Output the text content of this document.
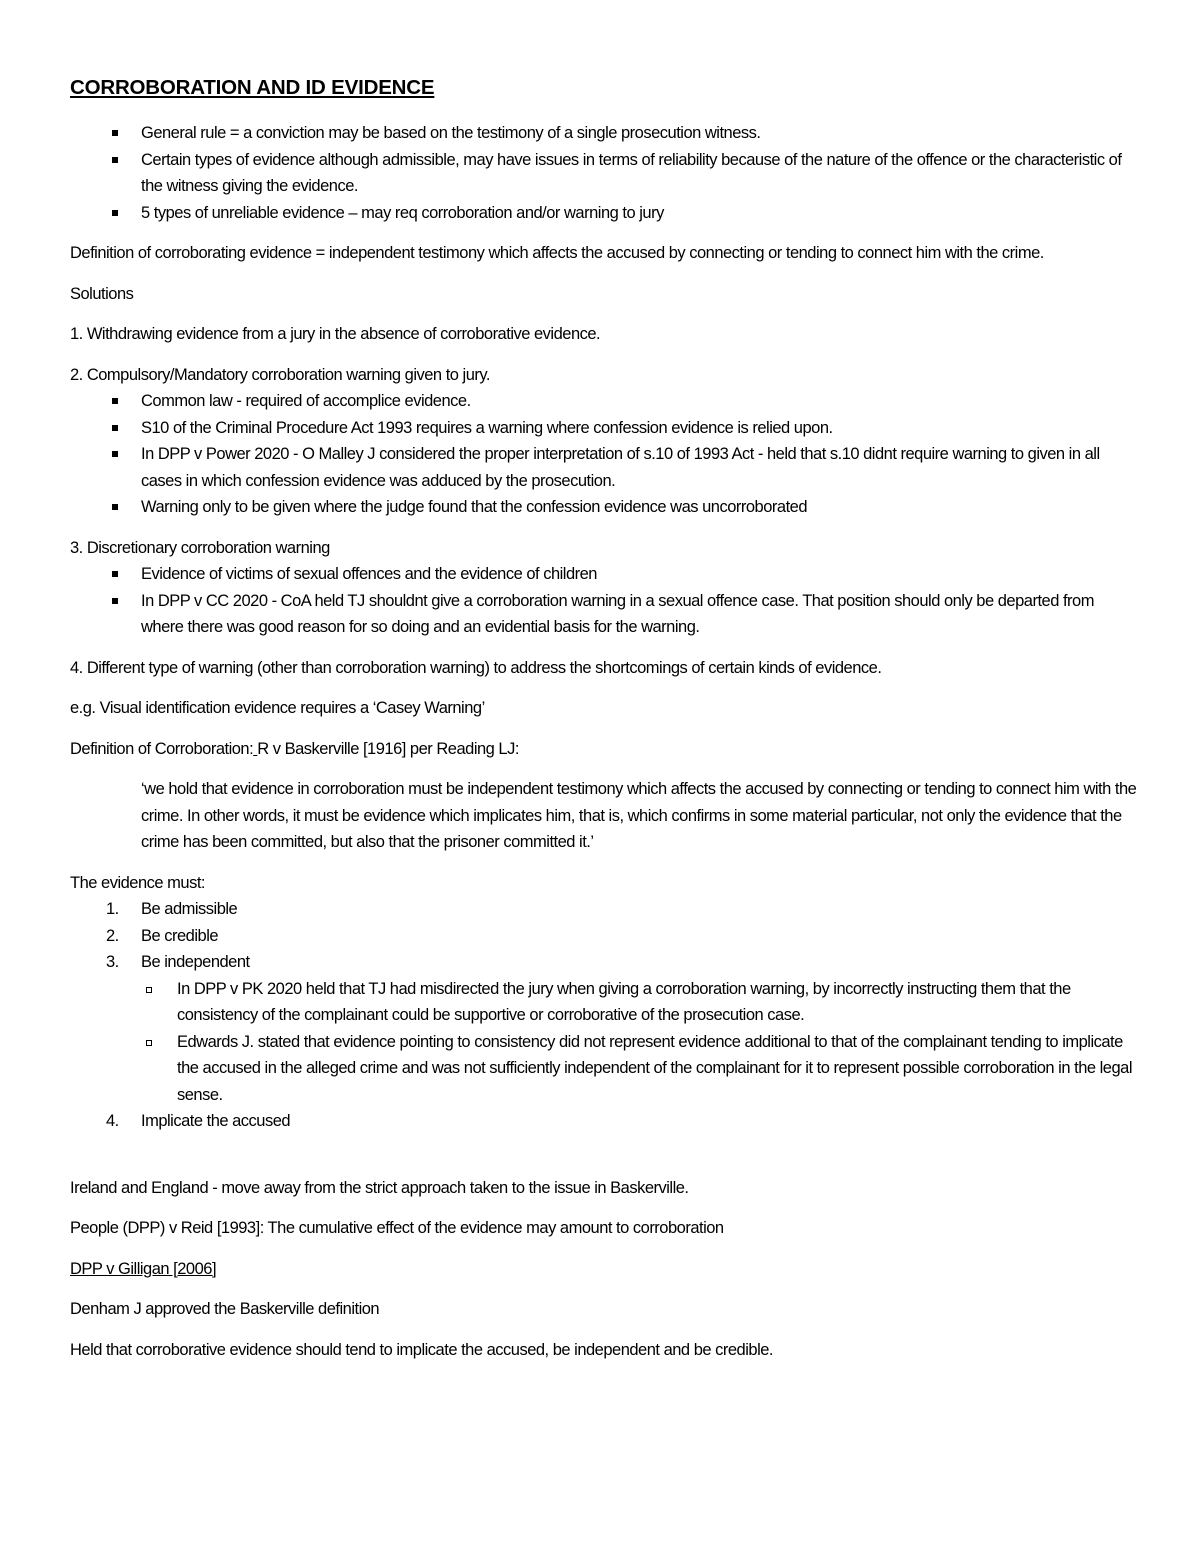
CORROBORATION AND ID EVIDENCE
General rule = a conviction may be based on the testimony of a single prosecution witness.
Certain types of evidence although admissible, may have issues in terms of reliability because of the nature of the offence or the characteristic of the witness giving the evidence.
5 types of unreliable evidence – may req corroboration and/or warning to jury

Definition of corroborating evidence = independent testimony which affects the accused by connecting or tending to connect him with the crime.

Solutions

1. Withdrawing evidence from a jury in the absence of corroborative evidence.

2. Compulsory/Mandatory corroboration warning given to jury.

Common law - required of accomplice evidence.
S10 of the Criminal Procedure Act 1993 requires a warning where confession evidence is relied upon.
In DPP v Power 2020 - O Malley J considered the proper interpretation of s.10 of 1993 Act - held that s.10 didnt require warning to given in all cases in which confession evidence was adduced by the prosecution.
Warning only to be given where the judge found that the confession evidence was uncorroborated

3. Discretionary corroboration warning

Evidence of victims of sexual offences and the evidence of children
In DPP v CC 2020 - CoA held TJ shouldnt give a corroboration warning in a sexual offence case. That position should only be departed from where there was good reason for so doing and an evidential basis for the warning.

4. Different type of warning (other than corroboration warning) to address the shortcomings of certain kinds of evidence.

e.g. Visual identification evidence requires a ‘Casey Warning’

Definition of Corroboration: R v Baskerville [1916] per Reading LJ:

‘we hold that evidence in corroboration must be independent testimony which affects the accused by connecting or tending to connect him with the crime. In other words, it must be evidence which implicates him, that is, which confirms in some material particular, not only the evidence that the crime has been committed, but also that the prisoner committed it.’

The evidence must:

1. Be admissible
2. Be credible
3. Be independent
In DPP v PK 2020 held that TJ had misdirected the jury when giving a corroboration warning, by incorrectly instructing them that the consistency of the complainant could be supportive or corroborative of the prosecution case.
Edwards J. stated that evidence pointing to consistency did not represent evidence additional to that of the complainant tending to implicate the accused in the alleged crime and was not sufficiently independent of the complainant for it to represent possible corroboration in the legal sense.
4. Implicate the accused

Ireland and England - move away from the strict approach taken to the issue in Baskerville.

People (DPP) v Reid [1993]: The cumulative effect of the evidence may amount to corroboration

DPP v Gilligan [2006]

Denham J approved the Baskerville definition

Held that corroborative evidence should tend to implicate the accused, be independent and be credible.
